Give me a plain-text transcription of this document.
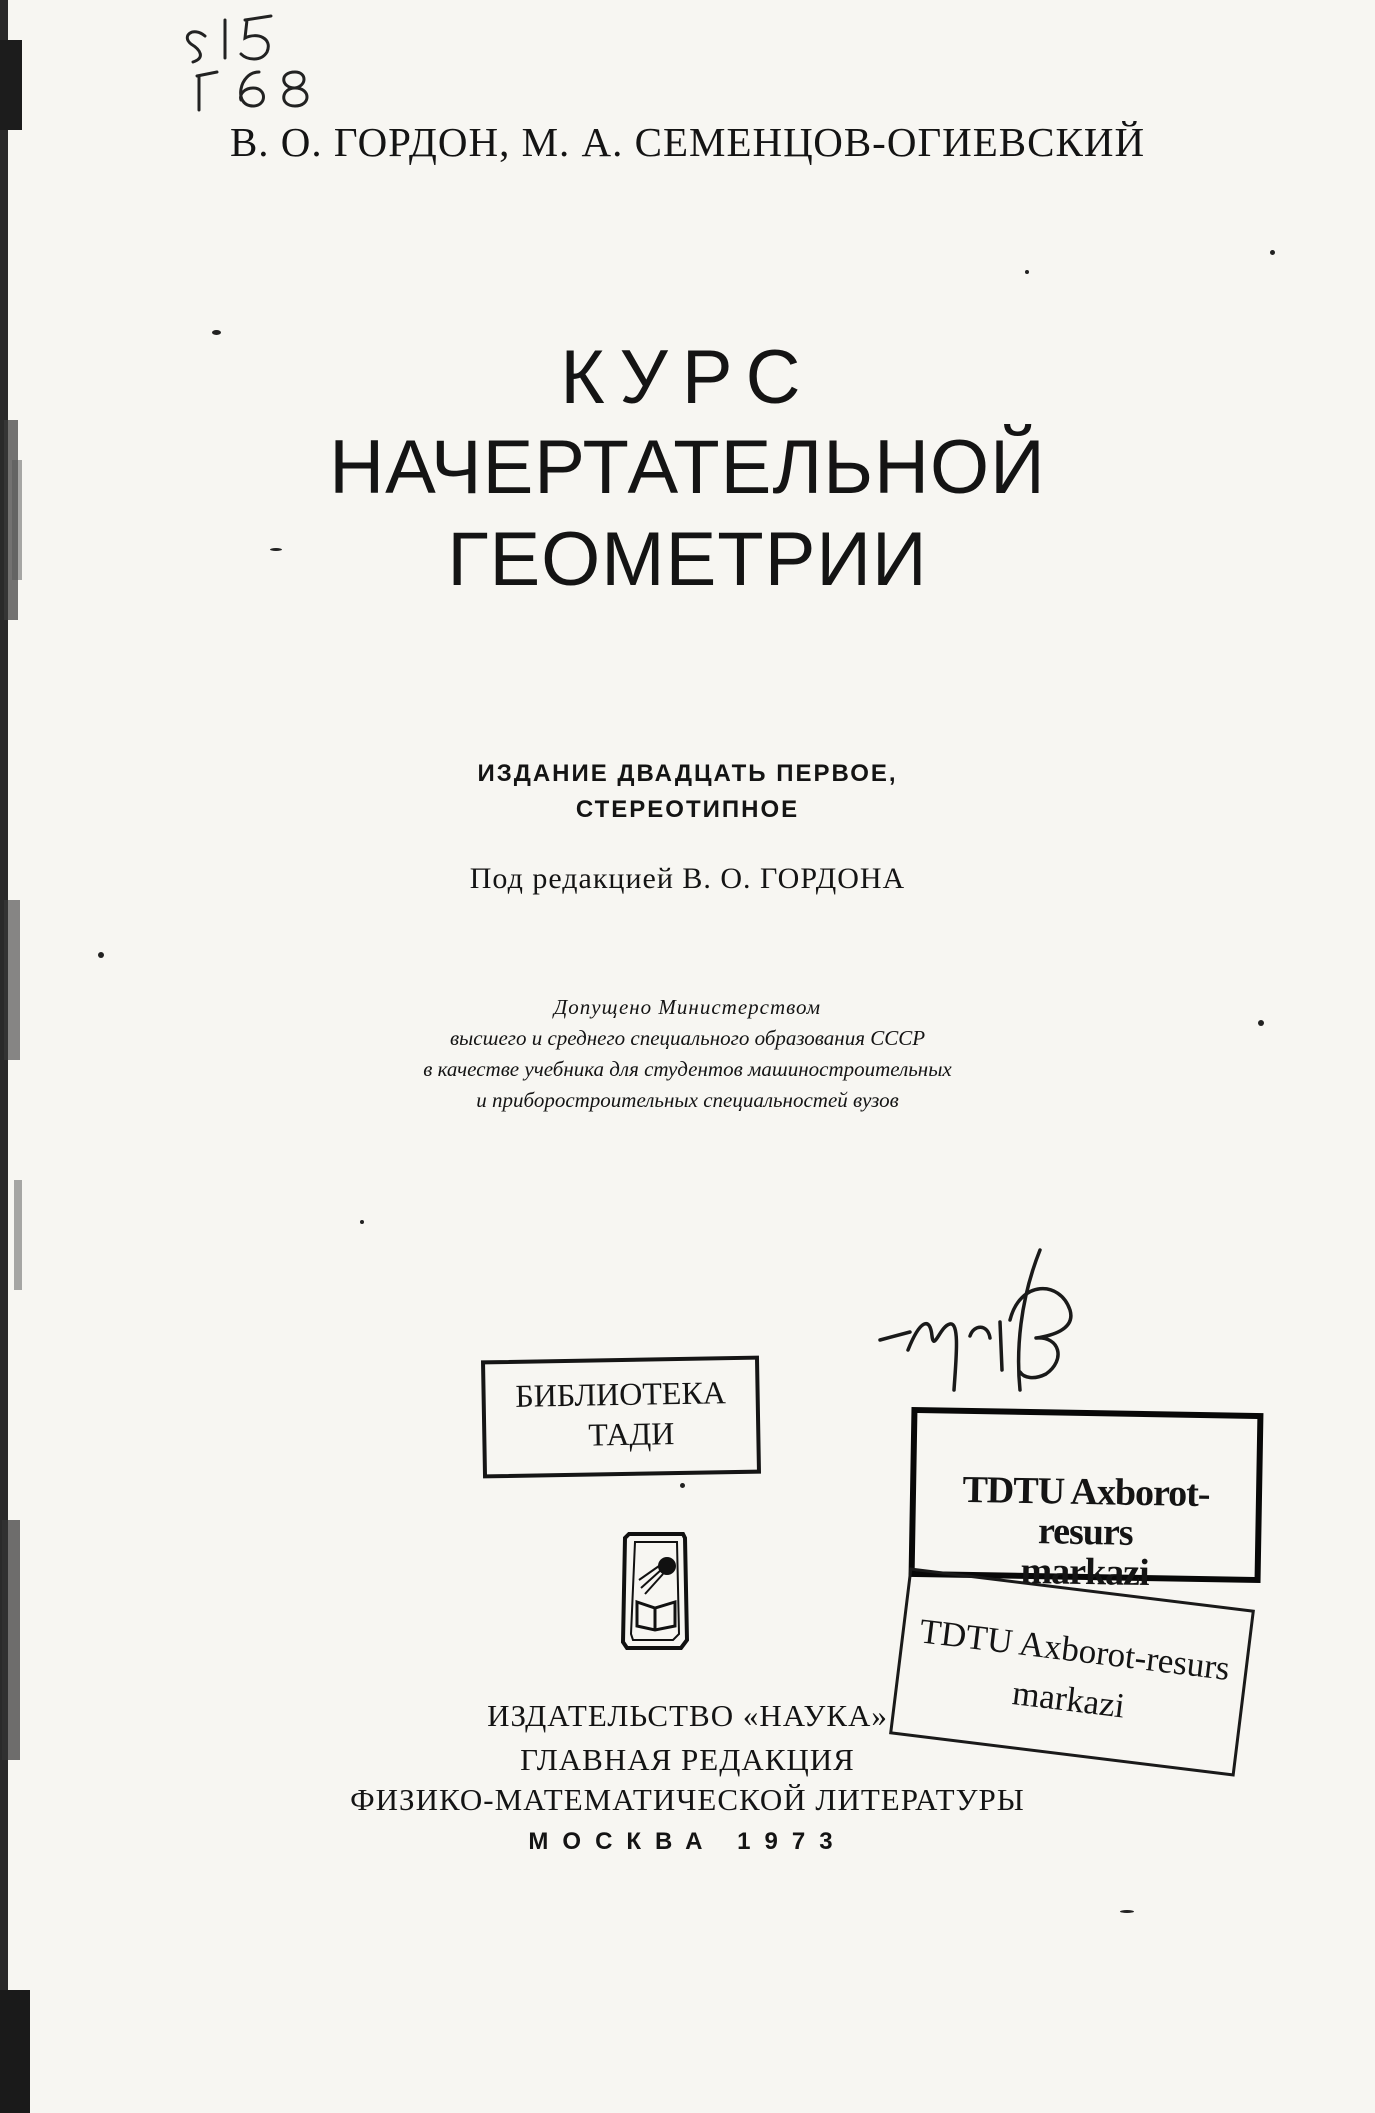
В. О. ГОРДОН, М. А. СЕМЕНЦОВ-ОГИЕВСКИЙ
КУРС
НАЧЕРТАТЕЛЬНОЙ
ГЕОМЕТРИИ
ИЗДАНИЕ ДВАДЦАТЬ ПЕРВОЕ,
СТЕРЕОТИПНОЕ
Под редакцией В. О. ГОРДОНА
Допущено Министерством
высшего и среднего специального образования СССР
в качестве учебника для студентов машиностроительных
и приборостроительных специальностей вузов
БИБЛИОТЕКА
ТАДИ
TDTU Axborot-resurs
markazi
TDTU Axborot-resurs
markazi
ИЗДАТЕЛЬСТВО «НАУКА»
ГЛАВНАЯ РЕДАКЦИЯ
ФИЗИКО-МАТЕМАТИЧЕСКОЙ ЛИТЕРАТУРЫ
МОСКВА 1973
